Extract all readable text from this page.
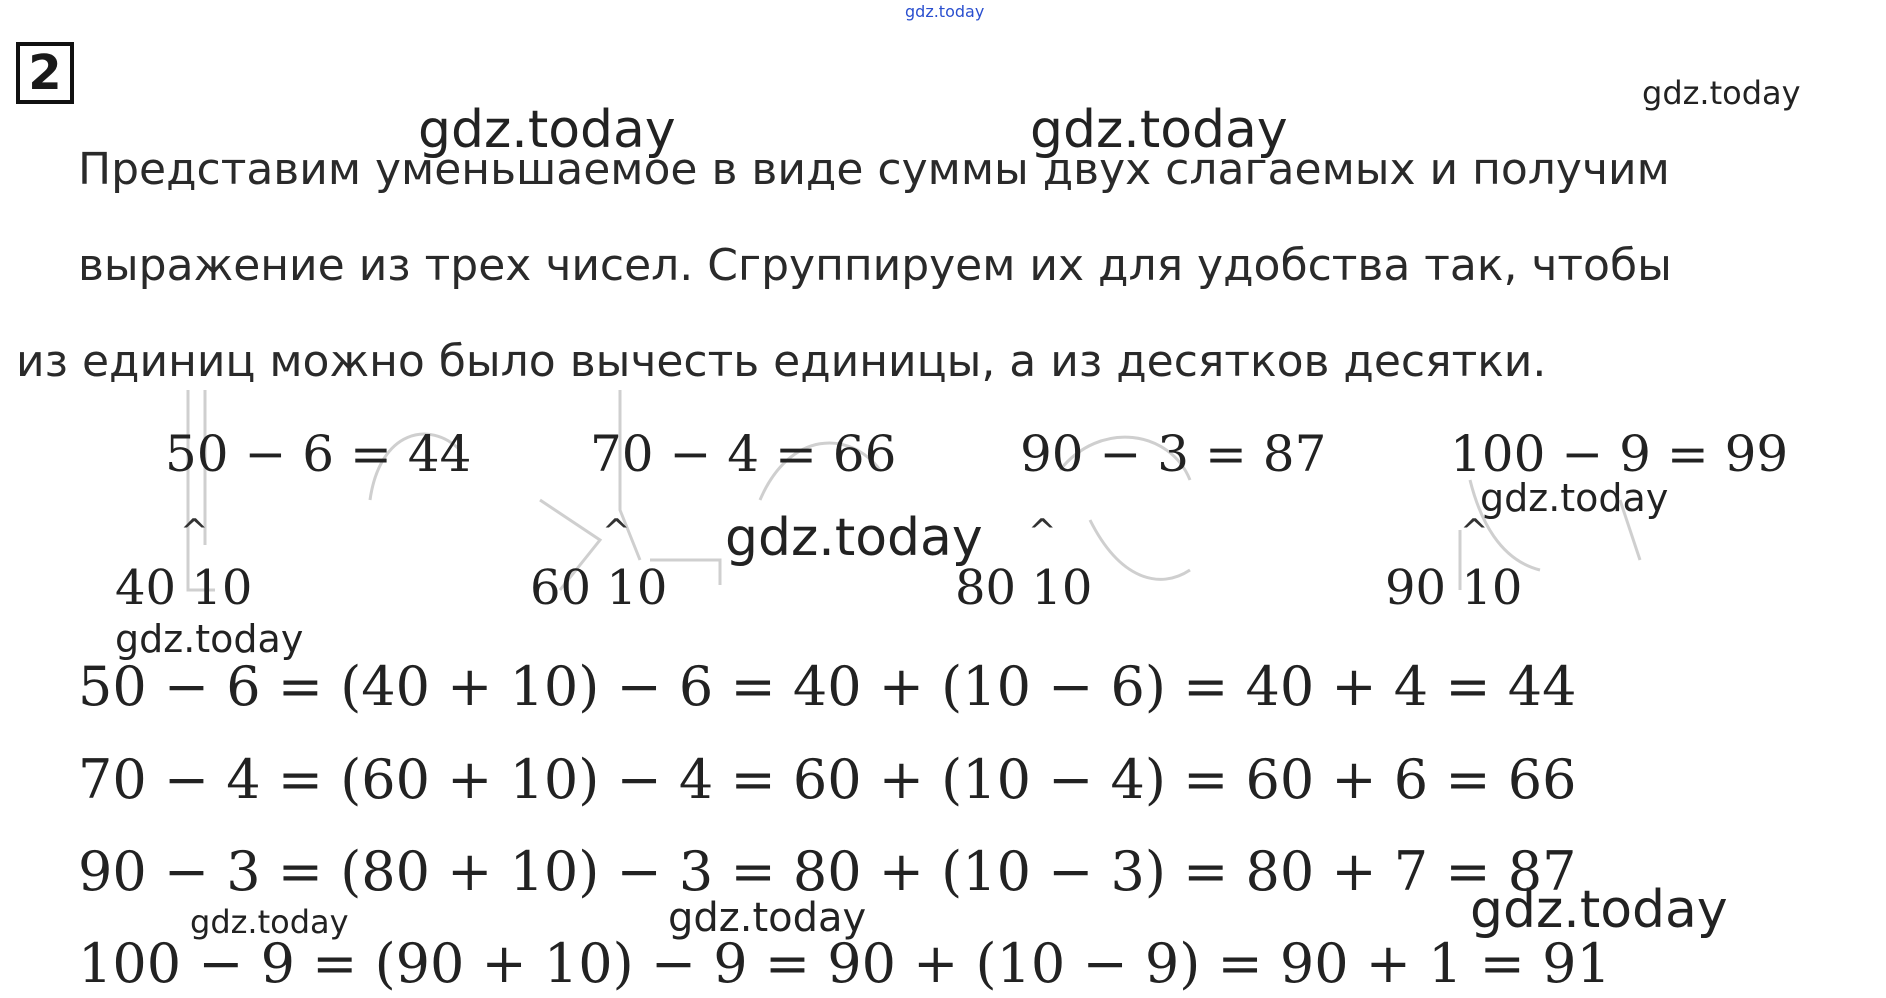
gdz.today
2
Представим уменьшаемое в виде суммы двух слагаемых и получим
выражение из трех чисел. Сгруппируем их для удобства так, чтобы
из единиц можно было вычесть единицы, а из десятков десятки.
50 − 6 = 44 70 − 4 = 66 90 − 3 = 87 100 − 9 = 99
^	^	^	^
40 10	60 10	80 10	90 10
50 − 6 = (40 + 10) − 6 = 40 + (10 − 6) = 40 + 4 = 44
70 − 4 = (60 + 10) − 4 = 60 + (10 − 4) = 60 + 6 = 66
90 − 3 = (80 + 10) − 3 = 80 + (10 − 3) = 80 + 7 = 87
100 − 9 = (90 + 10) − 9 = 90 + (10 − 9) = 90 + 1 = 91
gdz.today
gdz.today	gdz.today
gdz.today
gdz.today
gdz.today
gdz.today
gdz.today	gdz.today
